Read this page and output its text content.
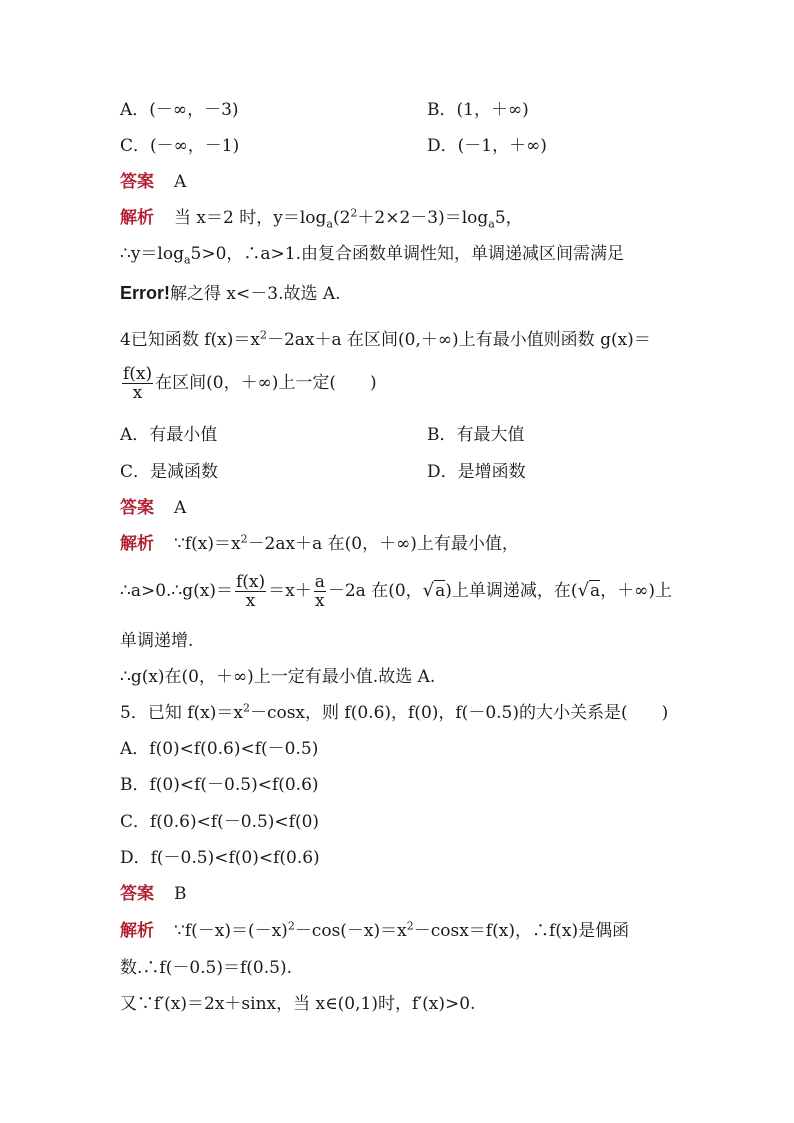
A．(－∞，－3)	B．(1，＋∞)
C．(－∞，－1)	D．(－1，＋∞)
答案 A
解析 当 x＝2 时，$y=\log_a(2^2+2\times 2-3)=\log_a5$，
$\therefore y=\log_a5>0$，∴a>1.由复合函数单调性知，单调递减区间需满足
Error!解之得 x<－3.故选 A.
4已知函数 $f(x)=x^2-2ax+a$ 在区间(0,＋∞)上有最小值则函数 g(x)＝
$\frac{f(x)}{x}$ 在区间(0，＋∞)上一定(　　)
A．有最小值	B．有最大值
C．是减函数	D．是增函数
答案 A
解析 $\because f(x)=x^2-2ax+a$ 在(0，＋∞)上有最小值，
∴a>0.∴g(x)＝ $\frac{f(x)}{x} =x+ \frac{a}{x} -2a$ 在(0，√a)上单调递减，在(√a，＋∞)上
单调递增.
∴g(x)在(0，＋∞)上一定有最小值.故选 A.
5．已知 $f(x)=x^2-\cos x$，则 f(0.6)，f(0)，f(－0.5)的大小关系是(　　)
A．f(0)<f(0.6)<f(－0.5)
B．f(0)<f(－0.5)<f(0.6)
C．f(0.6)<f(－0.5)<f(0)
D．f(－0.5)<f(0)<f(0.6)
答案 B
解析 $\because f(-x)=(-x)^2-\cos(-x)=x^2-\cos x=f(x)$，∴f(x)是偶函
数.∴f(－0.5)＝f(0.5).
又∵f′(x)＝2x＋sinx，当 x∈(0,1)时，f′(x)>0.
